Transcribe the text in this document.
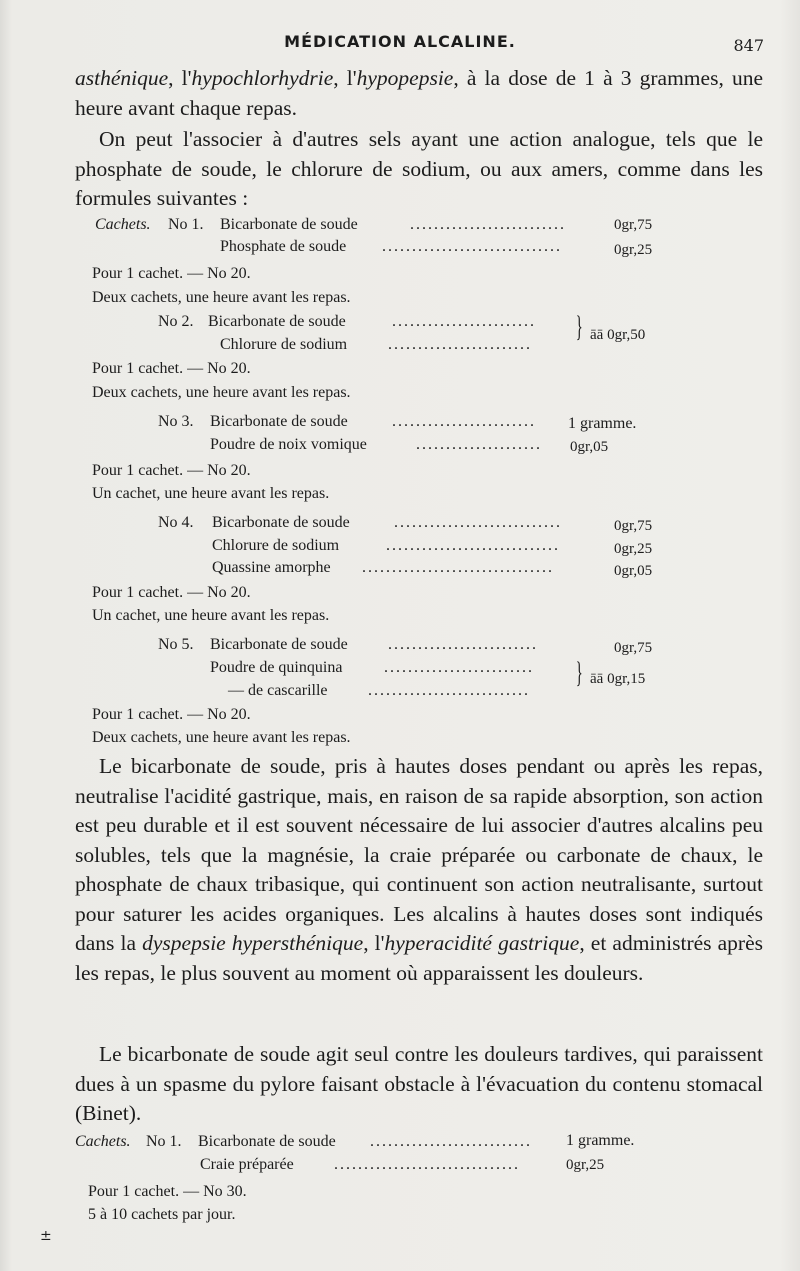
MÉDICATION ALCALINE.	847
asthénique, l'hypochlorhydrie, l'hypopepsie, à la dose de 1 à 3 grammes, une heure avant chaque repas.
On peut l'associer à d'autres sels ayant une action analogue, tels que le phosphate de soude, le chlorure de sodium, ou aux amers, comme dans les formules suivantes :
Cachets. No 1. Bicarbonate de soude	..........................	0gr,75
Phosphate de soude ..............................	0gr,25
Pour 1 cachet. — No 20.
Deux cachets, une heure avant les repas.
No 2. Bicarbonate de soude	........................
Chlorure de sodium	........................
} āā 0gr,50
Pour 1 cachet. — No 20.
Deux cachets, une heure avant les repas.
No 3. Bicarbonate de soude	........................	1 gramme.
Poudre de noix vomique	.....................	0gr,05
Pour 1 cachet. — No 20.
Un cachet, une heure avant les repas.
No 4. Bicarbonate de soude	............................	0gr,75
Chlorure de sodium	.............................	0gr,25
Quassine amorphe ................................	0gr,05
Pour 1 cachet. — No 20.
Un cachet, une heure avant les repas.
No 5. Bicarbonate de soude	.........................	0gr,75
Poudre de quinquina	.........................
— de cascarille	...........................
} āā 0gr,15
Pour 1 cachet. — No 20.
Deux cachets, une heure avant les repas.
Le bicarbonate de soude, pris à hautes doses pendant ou après les repas, neutralise l'acidité gastrique, mais, en raison de sa rapide absorption, son action est peu durable et il est souvent nécessaire de lui associer d'autres alcalins peu solubles, tels que la magnésie, la craie préparée ou carbonate de chaux, le phosphate de chaux tribasique, qui continuent son action neutralisante, surtout pour saturer les acides organiques. Les alcalins à hautes doses sont indiqués dans la dyspepsie hypersthénique, l'hyperacidité gastrique, et administrés après les repas, le plus souvent au moment où apparaissent les douleurs.
Le bicarbonate de soude agit seul contre les douleurs tardives, qui paraissent dues à un spasme du pylore faisant obstacle à l'évacuation du contenu stomacal (Binet).
Cachets. No 1. Bicarbonate de soude ...........................	1 gramme.
Craie préparée	...............................	0gr,25
Pour 1 cachet. — No 30.
5 à 10 cachets par jour.
±
